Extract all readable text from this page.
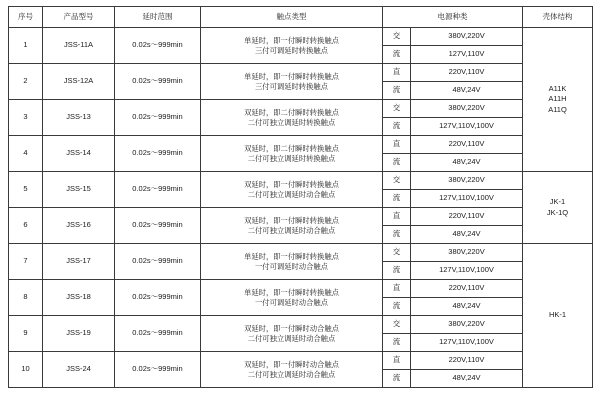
序号	产品型号	延时范围	触点类型	电源种类		壳体结构
1	JSS-11A	0.02s～999min	单延时，即一付瞬时转换触点
三付可调延时转换触点	交	380V,220V	A11K
A11H
A11Q

				流	127V,110V	
2	JSS-12A	0.02s～999min	单延时，即一付瞬时转换触点
三付可调延时转换触点	直	220V,110V	
				流	48V,24V	
3	JSS-13	0.02s～999min	双延时，即二付瞬时转换触点
二付可独立调延时转换触点	交	380V,220V	
				流	127V,110V,100V	
4	JSS-14	0.02s～999min	双延时，即二付瞬时转换触点
二付可独立调延时转换触点	直	220V,110V	
				流	48V,24V	
5	JSS-15	0.02s～999min	双延时，即一付瞬时转换触点
二付可独立调延时动合触点	交	380V,220V	JK-1
JK-1Q

				流	127V,110V,100V	
6	JSS-16	0.02s～999min	双延时，即一付瞬时转换触点
二付可独立调延时动合触点	直	220V,110V	
				流	48V,24V	
7	JSS-17	0.02s～999min	单延时，即一付瞬时转换触点
一付可调延时动合触点	交	380V,220V	HK-1

				流	127V,110V,100V	
8	JSS-18	0.02s～999min	单延时，即一付瞬时转换触点
一付可调延时动合触点	直	220V,110V	
				流	48V,24V	
9	JSS-19	0.02s～999min	双延时，即一付瞬时动合触点
二付可独立调延时动合触点	交	380V,220V	
				流	127V,110V,100V	
10	JSS-24	0.02s～999min	双延时，即一付瞬时动合触点
二付可独立调延时动合触点	直	220V,110V	
				流	48V,24V	
